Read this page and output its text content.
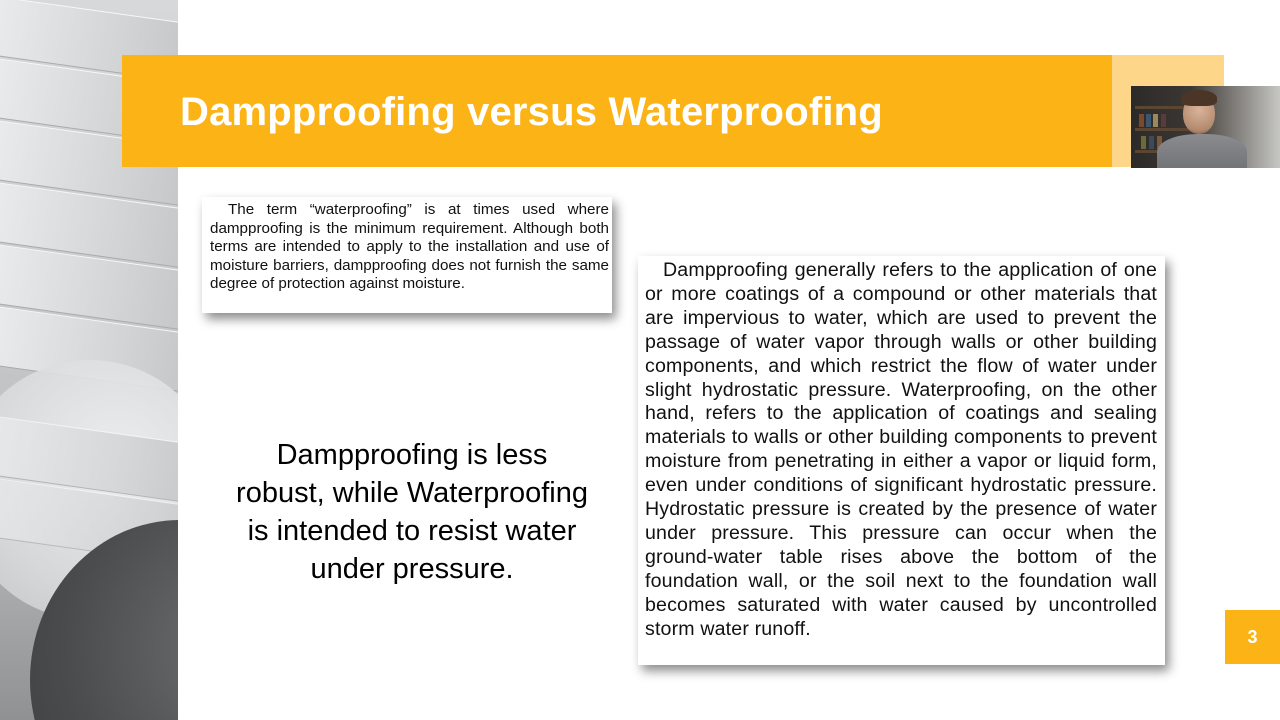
Dampproofing versus Waterproofing

The term “waterproofing” is at times used where dampproofing is the minimum requirement. Although both terms are intended to apply to the installation and use of moisture barriers, dampproofing does not furnish the same degree of protection against moisture.

Dampproofing generally refers to the application of one or more coatings of a compound or other materials that are impervious to water, which are used to prevent the passage of water vapor through walls or other building components, and which restrict the flow of water under slight hydrostatic pressure. Waterproofing, on the other hand, refers to the application of coatings and sealing materials to walls or other building components to prevent moisture from penetrating in either a vapor or liquid form, even under conditions of significant hydrostatic pressure. Hydrostatic pressure is created by the presence of water under pressure. This pressure can occur when the ground-water table rises above the bottom of the foundation wall, or the soil next to the foundation wall becomes saturated with water caused by uncontrolled storm water runoff.

Dampproofing is less robust, while Waterproofing is intended to resist water under pressure.

3
